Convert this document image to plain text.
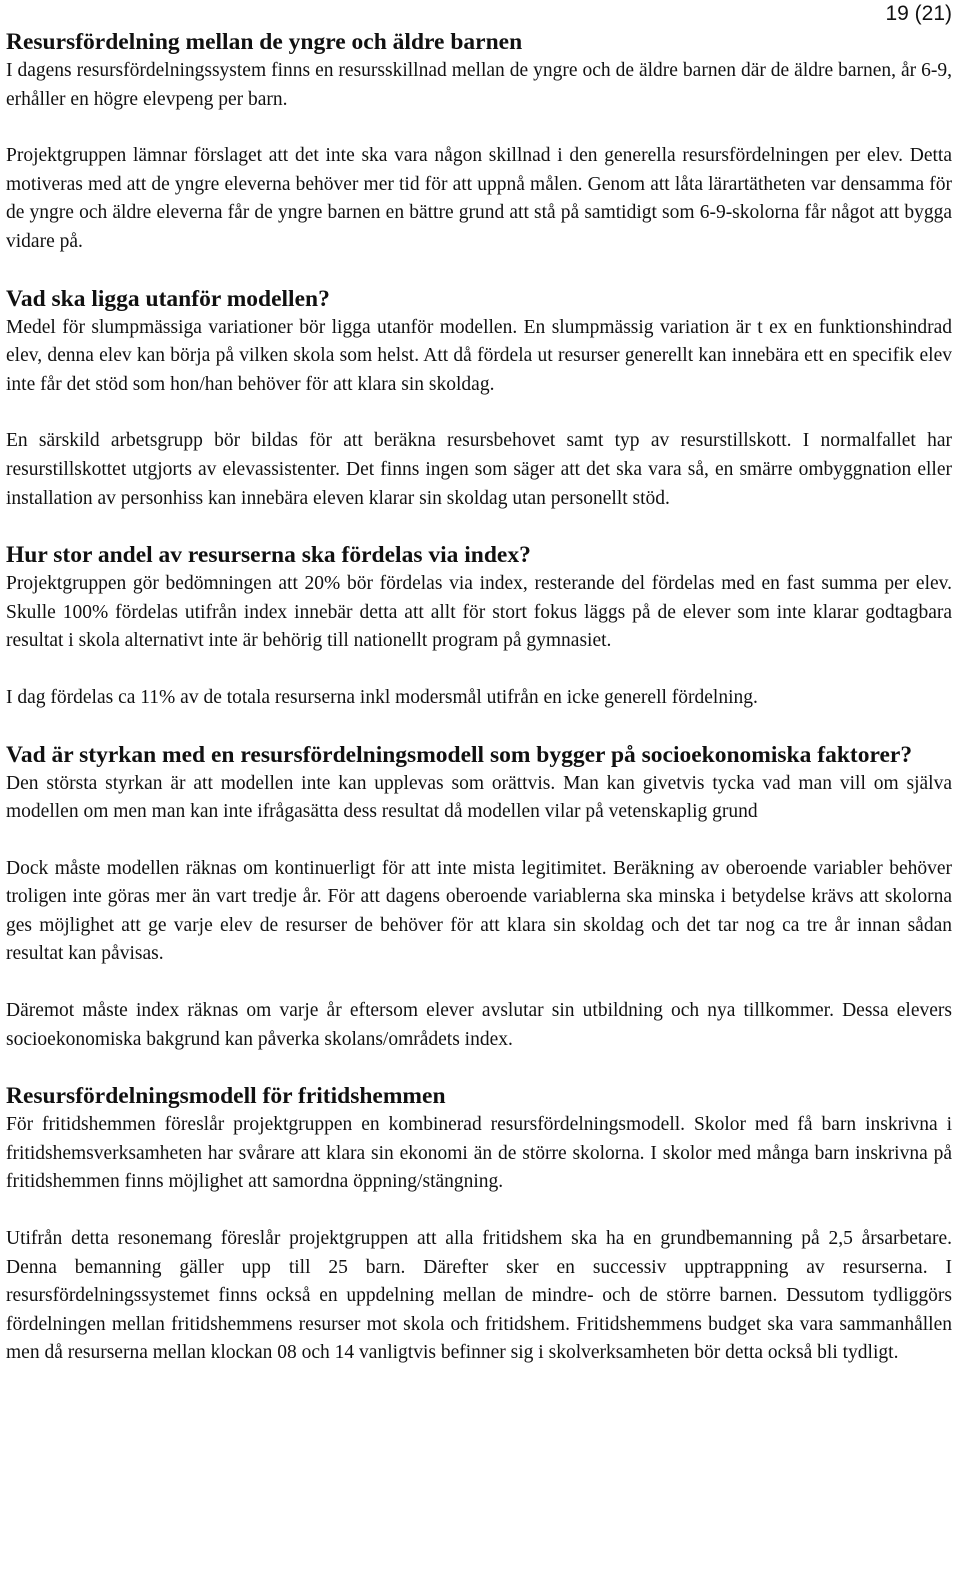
19 (21)
Resursfördelning mellan de yngre och äldre barnen

I dagens resursfördelningssystem finns en resursskillnad mellan de yngre och de äldre barnen där de äldre barnen, år 6-9, erhåller en högre elevpeng per barn.

Projektgruppen lämnar förslaget att det inte ska vara någon skillnad i den generella resursfördelningen per elev. Detta motiveras med att de yngre eleverna behöver mer tid för att uppnå målen. Genom att låta lärartätheten var densamma för de yngre och äldre eleverna får de yngre barnen en bättre grund att stå på samtidigt som 6-9-skolorna får något att bygga vidare på.

Vad ska ligga utanför modellen?

Medel för slumpmässiga variationer bör ligga utanför modellen. En slumpmässig variation är t ex en funktionshindrad elev, denna elev kan börja på vilken skola som helst. Att då fördela ut resurser generellt kan innebära ett en specifik elev inte får det stöd som hon/han behöver för att klara sin skoldag.

En särskild arbetsgrupp bör bildas för att beräkna resursbehovet samt typ av resurstillskott. I normalfallet har resurstillskottet utgjorts av elevassistenter. Det finns ingen som säger att det ska vara så, en smärre ombyggnation eller installation av personhiss kan innebära eleven klarar sin skoldag utan personellt stöd.

Hur stor andel av resurserna ska fördelas via index?

Projektgruppen gör bedömningen att 20% bör fördelas via index, resterande del fördelas med en fast summa per elev. Skulle 100% fördelas utifrån index innebär detta att allt för stort fokus läggs på de elever som inte klarar godtagbara resultat i skola alternativt inte är behörig till nationellt program på gymnasiet.

I dag fördelas ca 11% av de totala resurserna inkl modersmål utifrån en icke generell fördelning.

Vad är styrkan med en resursfördelningsmodell som bygger på socioekonomiska faktorer?

Den största styrkan är att modellen inte kan upplevas som orättvis. Man kan givetvis tycka vad man vill om själva modellen om men man kan inte ifrågasätta dess resultat då modellen vilar på vetenskaplig grund

Dock måste modellen räknas om kontinuerligt för att inte mista legitimitet. Beräkning av oberoende variabler behöver troligen inte göras mer än vart tredje år. För att dagens oberoende variablerna ska minska i betydelse krävs att skolorna ges möjlighet att ge varje elev de resurser de behöver för att klara sin skoldag och det tar nog ca tre år innan sådan resultat kan påvisas.

Däremot måste index räknas om varje år eftersom elever avslutar sin utbildning och nya tillkommer. Dessa elevers socioekonomiska bakgrund kan påverka skolans/områdets index.

Resursfördelningsmodell för fritidshemmen

För fritidshemmen föreslår projektgruppen en kombinerad resursfördelningsmodell. Skolor med få barn inskrivna i fritidshemsverksamheten har svårare att klara sin ekonomi än de större skolorna. I skolor med många barn inskrivna på fritidshemmen finns möjlighet att samordna öppning/stängning.

Utifrån detta resonemang föreslår projektgruppen att alla fritidshem ska ha en grundbemanning på 2,5 årsarbetare. Denna bemanning gäller upp till 25 barn. Därefter sker en successiv upptrappning av resurserna. I resursfördelningssystemet finns också en uppdelning mellan de mindre- och de större barnen. Dessutom tydliggörs fördelningen mellan fritidshemmens resurser mot skola och fritidshem. Fritidshemmens budget ska vara sammanhållen men då resurserna mellan klockan 08 och 14 vanligtvis befinner sig i skolverksamheten bör detta också bli tydligt.
